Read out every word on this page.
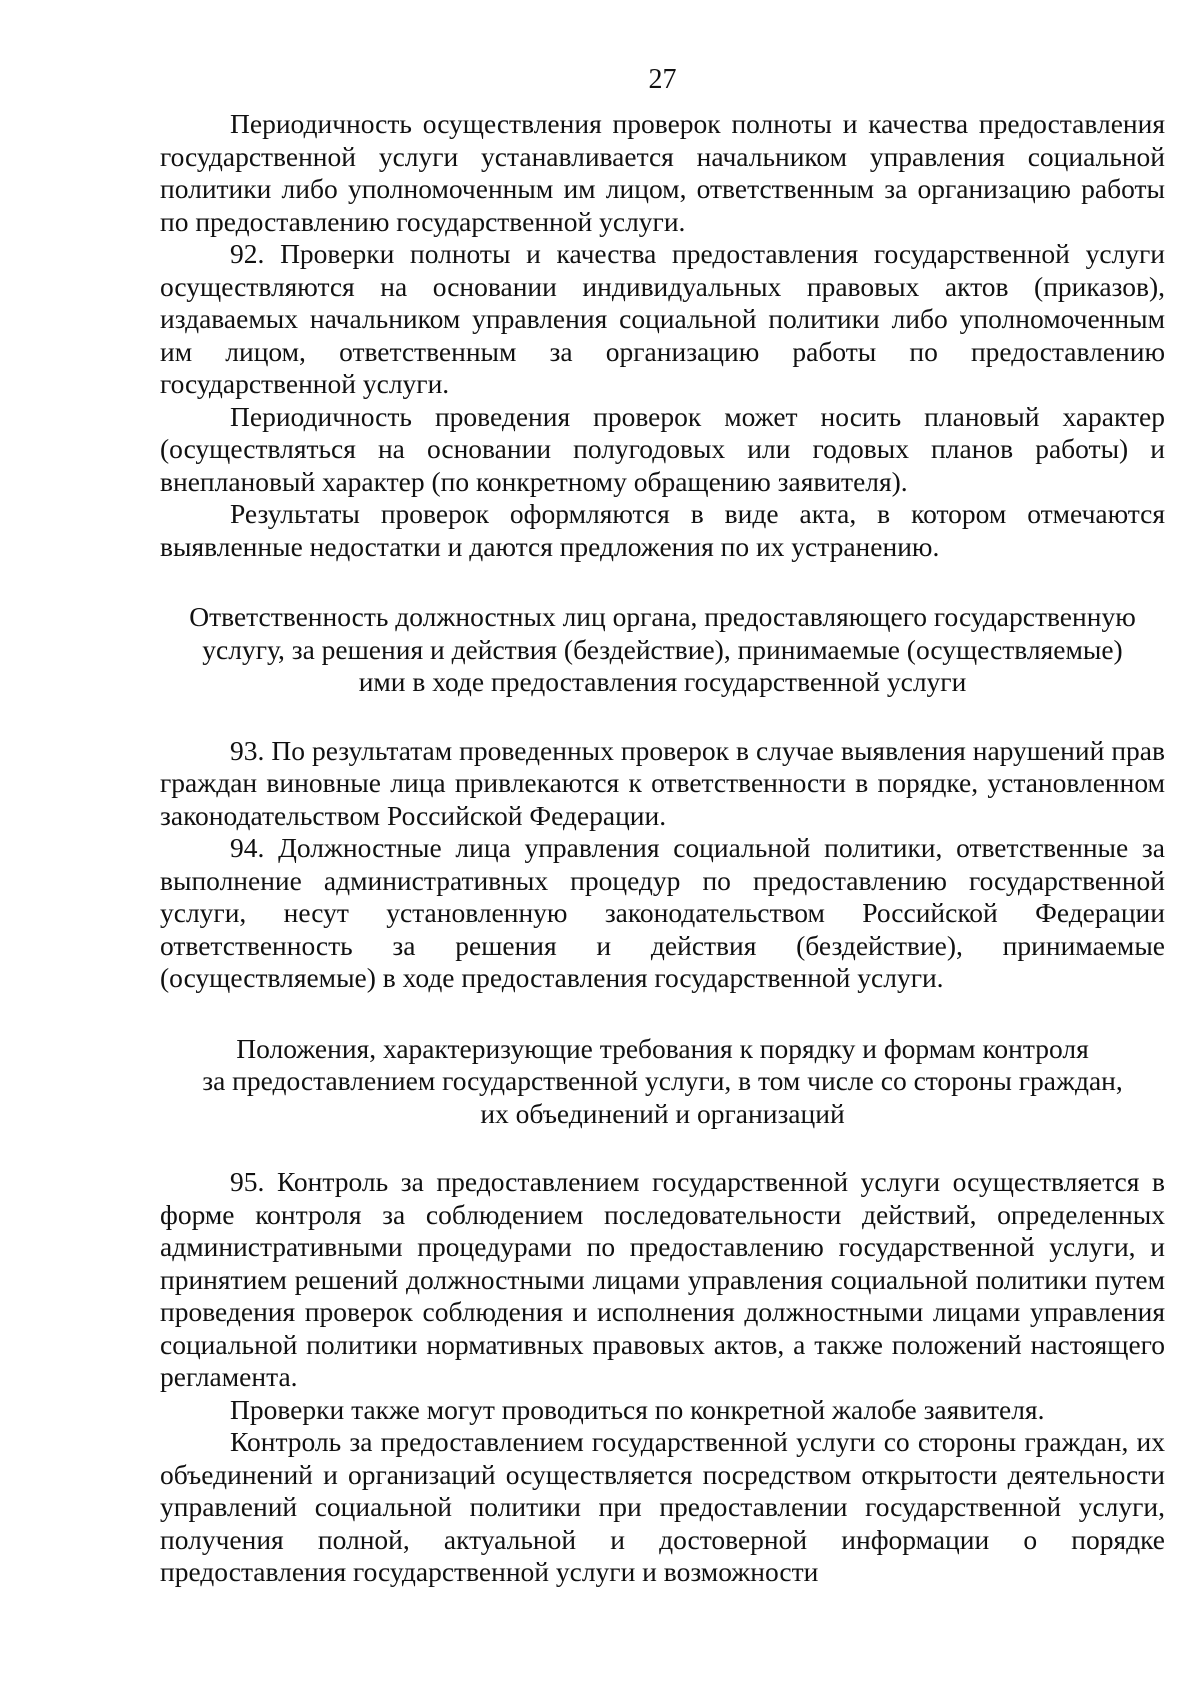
27

Периодичность осуществления проверок полноты и качества предоставления государственной услуги устанавливается начальником управления социальной политики либо уполномоченным им лицом, ответственным за организацию работы по предоставлению государственной услуги.

92. Проверки полноты и качества предоставления государственной услуги осуществляются на основании индивидуальных правовых актов (приказов), издаваемых начальником управления социальной политики либо уполномоченным им лицом, ответственным за организацию работы по предоставлению государственной услуги.

Периодичность проведения проверок может носить плановый характер (осуществляться на основании полугодовых или годовых планов работы) и внеплановый характер (по конкретному обращению заявителя).

Результаты проверок оформляются в виде акта, в котором отмечаются выявленные недостатки и даются предложения по их устранению.

Ответственность должностных лиц органа, предоставляющего государственную
услугу, за решения и действия (бездействие), принимаемые (осуществляемые)
ими в ходе предоставления государственной услуги

93. По результатам проведенных проверок в случае выявления нарушений прав граждан виновные лица привлекаются к ответственности в порядке, установленном законодательством Российской Федерации.

94. Должностные лица управления социальной политики, ответственные за выполнение административных процедур по предоставлению государственной услуги, несут установленную законодательством Российской Федерации ответственность за решения и действия (бездействие), принимаемые (осуществляемые) в ходе предоставления государственной услуги.

Положения, характеризующие требования к порядку и формам контроля
за предоставлением государственной услуги, в том числе со стороны граждан,
их объединений и организаций

95. Контроль за предоставлением государственной услуги осуществляется в форме контроля за соблюдением последовательности действий, определенных административными процедурами по предоставлению государственной услуги, и принятием решений должностными лицами управления социальной политики путем проведения проверок соблюдения и исполнения должностными лицами управления социальной политики нормативных правовых актов, а также положений настоящего регламента.

Проверки также могут проводиться по конкретной жалобе заявителя.

Контроль за предоставлением государственной услуги со стороны граждан, их объединений и организаций осуществляется посредством открытости деятельности управлений социальной политики при предоставлении государственной услуги, получения полной, актуальной и достоверной информации о порядке предоставления государственной услуги и возможности
